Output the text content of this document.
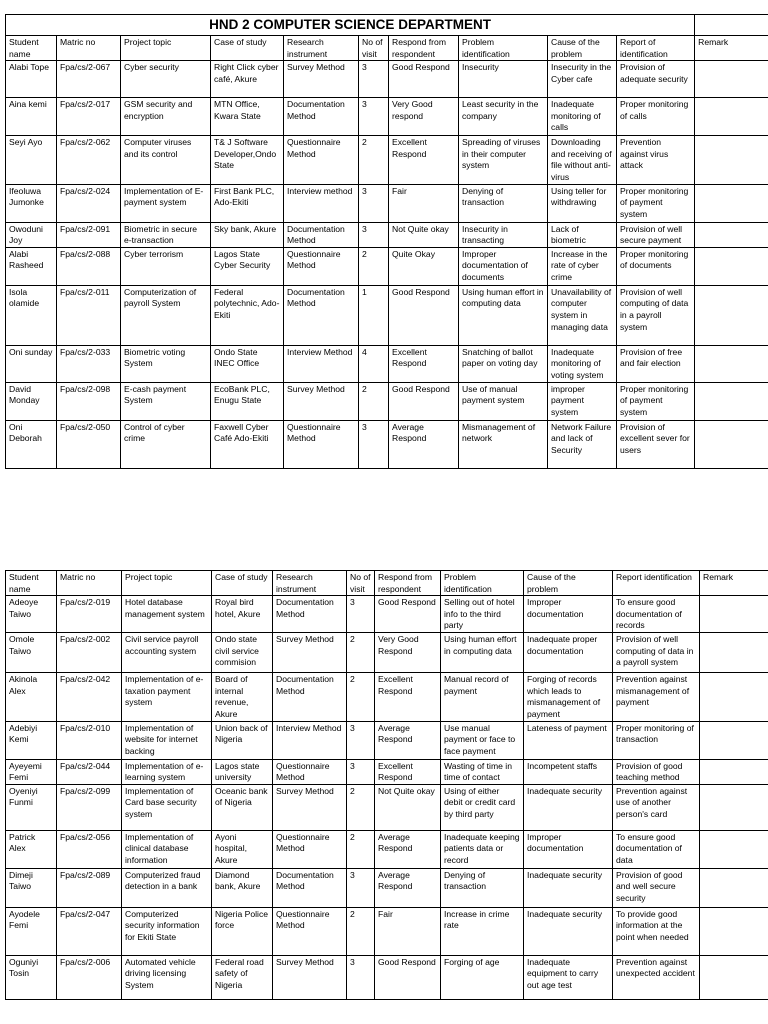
HND 2 COMPUTER SCIENCE DEPARTMENT										
Student name	Matric no	Project topic	Case of study	Research instrument	No of visit	Respond from respondent	Problem identification	Cause of the problem	Report of identification	Remark
Alabi Tope	Fpa/cs/2-067	Cyber security	Right Click cyber café, Akure	Survey Method	3	Good Respond	Insecurity	Insecurity in the Cyber cafe	Provision of adequate security	
Aina kemi	Fpa/cs/2-017	GSM security and encryption	MTN Office, Kwara State	Documentation Method	3	Very Good respond	Least security in the company	Inadequate monitoring of calls	Proper monitoring of calls	
Seyi Ayo	Fpa/cs/2-062	Computer viruses and its control	T& J Software Developer,Ondo State	Questionnaire Method	2	Excellent Respond	Spreading of viruses in their computer system	Downloading and receiving of file without anti-virus	Prevention against virus attack	
Ifeoluwa Jumonke	Fpa/cs/2-024	Implementation of E-payment system	First Bank PLC, Ado-Ekiti	Interview method	3	Fair	Denying of transaction	Using teller for withdrawing	Proper monitoring of payment system	
Owoduni Joy	Fpa/cs/2-091	Biometric in secure e-transaction	Sky bank, Akure	Documentation Method	3	Not Quite okay	Insecurity in transacting	Lack of biometric	Provision of well secure payment	
Alabi Rasheed	Fpa/cs/2-088	Cyber terrorism	Lagos State Cyber Security	Questionnaire Method	2	Quite Okay	Improper documentation of documents	Increase in the rate of cyber crime	Proper monitoring of documents	
Isola olamide	Fpa/cs/2-011	Computerization of payroll System	Federal polytechnic, Ado-Ekiti	Documentation Method	1	Good Respond	Using human effort in computing data	Unavailability of computer system in managing data	Provision of well computing of data in a payroll system	
Oni sunday	Fpa/cs/2-033	Biometric voting System	Ondo State INEC Office	Interview Method	4	Excellent Respond	Snatching of ballot paper on voting day	Inadequate monitoring of voting system	Provision of free and fair election	
David Monday	Fpa/cs/2-098	E-cash payment System	EcoBank PLC, Enugu State	Survey Method	2	Good Respond	Use of manual payment system	improper payment system	Proper monitoring of payment system	
Oni Deborah	Fpa/cs/2-050	Control of cyber crime	Faxwell Cyber Café Ado-Ekiti	Questionnaire Method	3	Average Respond	Mismanagement of network	Network Failure and lack of Security	Provision of excellent sever for users	
Student name	Matric no	Project topic	Case of study	Research instrument	No of visit	Respond from respondent	Problem identification	Cause of the problem	Report identification	Remark
Adeoye Taiwo	Fpa/cs/2-019	Hotel database management system	Royal bird hotel, Akure	Documentation Method	3	Good Respond	Selling out of hotel info to the third party	Improper documentation	To ensure good documentation of records	
Omole Taiwo	Fpa/cs/2-002	Civil service payroll accounting system	Ondo state civil service commision	Survey Method	2	Very Good Respond	Using human effort in computing data	Inadequate proper documentation	Provision of well computing of data in a payroll system	
Akinola Alex	Fpa/cs/2-042	Implementation of e-taxation payment system	Board of internal revenue, Akure	Documentation Method	2	Excellent Respond	Manual record of payment	Forging of records which leads to mismanagement of payment	Prevention against mismanagement of payment	
Adebiyi Kemi	Fpa/cs/2-010	Implementation of website for internet backing	Union back of Nigeria	Interview Method	3	Average Respond	Use manual payment or face to face payment	Lateness of payment	Proper monitoring of transaction	
Ayeyemi Femi	Fpa/cs/2-044	Implementation of e-learning system	Lagos state university	Questionnaire Method	3	Excellent Respond	Wasting of time in time of contact	Incompetent staffs	Provision of good teaching method	
Oyeniyi Funmi	Fpa/cs/2-099	Implementation of Card base security system	Oceanic bank of Nigeria	Survey Method	2	Not Quite okay	Using of either debit or credit card by third party	Inadequate security	Prevention against use of another person's card	
Patrick Alex	Fpa/cs/2-056	Implementation of clinical database information	Ayoni hospital, Akure	Questionnaire Method	2	Average Respond	Inadequate keeping patients data or record	Improper documentation	To ensure good documentation of data	
Dimeji Taiwo	Fpa/cs/2-089	Computerized fraud detection in a bank	Diamond bank, Akure	Documentation Method	3	Average Respond	Denying of transaction	Inadequate security	Provision of good and well secure security	
Ayodele Femi	Fpa/cs/2-047	Computerized security information for Ekiti State	Nigeria Police force	Questionnaire Method	2	Fair	Increase in crime rate	Inadequate security	To provide good information at the point when needed	
Oguniyi Tosin	Fpa/cs/2-006	Automated vehicle driving licensing System	Federal road safety of Nigeria	Survey Method	3	Good Respond	Forging of age	Inadequate equipment to carry out age test	Prevention against unexpected accident	
